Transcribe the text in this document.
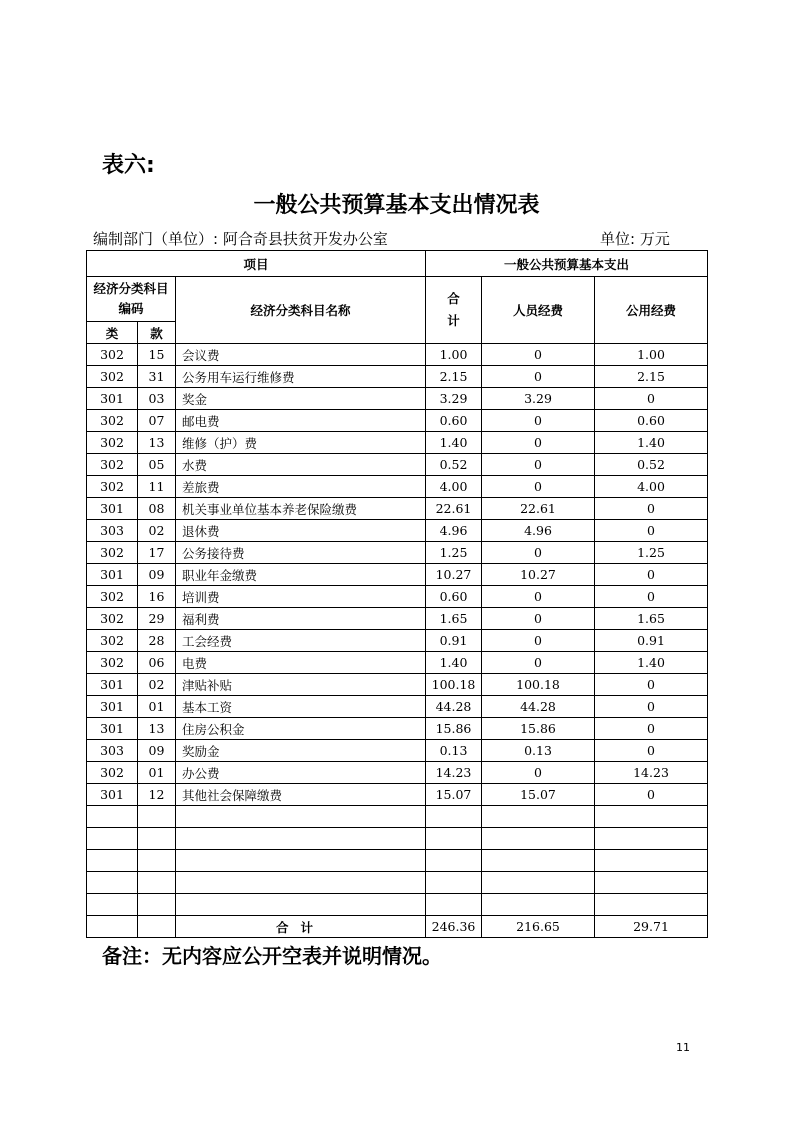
表六:
一般公共预算基本支出情况表
编制部门（单位）: 阿合奇县扶贫开发办公室	单位: 万元
项目			一般公共预算基本支出		
经济分类科目编码		经济分类科目名称	合计	人员经费	公用经费
类	款				
302	15	会议费	1.00	0	1.00
302	31	公务用车运行维修费	2.15	0	2.15
301	03	奖金	3.29	3.29	0
302	07	邮电费	0.60	0	0.60
302	13	维修（护）费	1.40	0	1.40
302	05	水费	0.52	0	0.52
302	11	差旅费	4.00	0	4.00
301	08	机关事业单位基本养老保险缴费	22.61	22.61	0
303	02	退休费	4.96	4.96	0
302	17	公务接待费	1.25	0	1.25
301	09	职业年金缴费	10.27	10.27	0
302	16	培训费	0.60	0	0
302	29	福利费	1.65	0	1.65
302	28	工会经费	0.91	0	0.91
302	06	电费	1.40	0	1.40
301	02	津贴补贴	100.18	100.18	0
301	01	基本工资	44.28	44.28	0
301	13	住房公积金	15.86	15.86	0
303	09	奖励金	0.13	0.13	0
302	01	办公费	14.23	0	14.23
301	12	其他社会保障缴费	15.07	15.07	0

		合计	246.36	216.65	29.71
备注：无内容应公开空表并说明情况。
11
